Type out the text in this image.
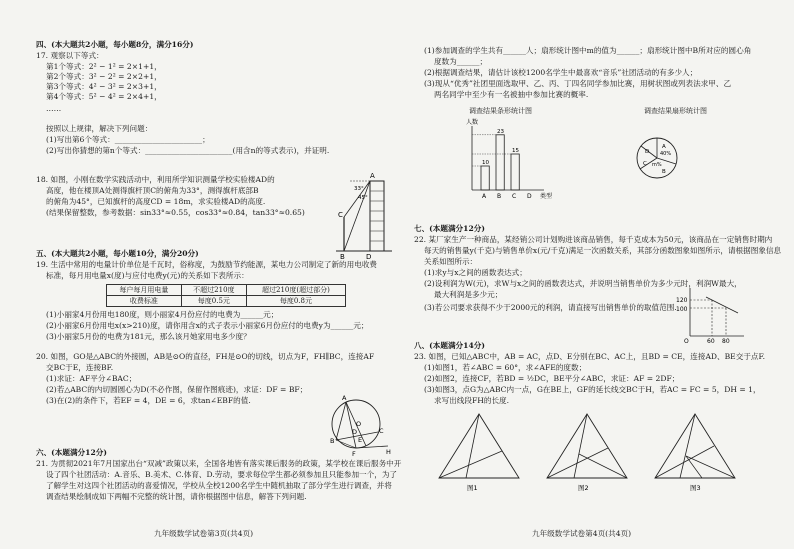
四、(本大题共2小题，每小题8分，满分16分)
17. 观察以下等式：
第1个等式：2² − 1² = 2×1+1，
第2个等式：3² − 2² = 2×2+1，
第3个等式：4² − 3² = 2×3+1，
第4个等式：5² − 4² = 2×4+1，
……
按照以上规律，解决下列问题：
(1)写出第6个等式：_______________________；
(2)写出你猜想的第n个等式：_______________________(用含n的等式表示)，并证明.
18. 如图，小刚在数学实践活动中，利用所学知识测量学校实验楼AD的
高度，他在楼顶A处测得旗杆顶C的俯角为33°，测得旗杆底部B
的俯角为45°，已知旗杆的高度CD = 18m，求实验楼AD的高度.
(结果保留整数，参考数据：sin33°≈0.55，cos33°≈0.84，tan33°≈0.65)
A
C
B	D
33°
45°
五、(本大题共2小题，每小题10分，满分20分)
19. 生活中常用的电量计价单位是千瓦时，俗称度，为鼓励节约能源，某电力公司制定了新的用电收费
标准，每月用电量x(度)与应付电费y(元)的关系如下表所示：
每户每月用电量	不超过210度	超过210度(超过部分)
收费标准	每度0.5元	每度0.8元
(1)小丽家4月份用电180度，则小丽家4月份应付的电费为______元；
(2)小丽家6月份用电x(x>210)度，请你用含x的式子表示小丽家6月份应付的电费y为______元；
(3)小丽家5月份的电费为181元，那么该月她家用电多少度？
20. 如图，GO是△ABC的外接圆，AB是⊙O的直径，FH是⊙O的切线，切点为F，FH∥BC，连接AF
交BC于E，连接BF.
(1)求证：AF平分∠BAC；
(2)若△ABC的内切圆圆心为D(不必作图，保留作图痕迹)，求证：DF = BF；
(3)在(2)的条件下，若EF = 4，DE = 6，求tan∠EBF的值.	A
B
C
O
D
E
F	H
六、(本题满分12分)
21. 为贯彻2021年7月国家出台“双减”政策以来，全国各地皆有落实课后服务的政策，某学校在课后服务中开
设了四个社团活动：A.音乐、B.美术、C.体育、D.劳动，要求每位学生都必须参加且只能参加一个，为了
了解学生对这四个社团活动的喜爱情况，学校从全校1200名学生中随机抽取了部分学生进行调查，并将
调查结果绘制成如下两幅不完整的统计图，请你根据图中信息，解答下列问题.
九年级数学试卷第3页(共4页)
(1)参加调查的学生共有______人；扇形统计图中m的值为______；扇形统计图中B所对应的圆心角
度数为______；
(2)根据调查结果，请估计该校1200名学生中最喜欢“音乐”社团活动的有多少人；
(3)现从“优秀”社团里面选取甲、乙、丙、丁四名同学参加比赛，用树状图或列表法求甲、乙
两名同学中至少有一名被抽中参加比赛的概率.
调查结果条形统计图	调查结果扇形统计图
人数
类型
10
A
23
B
15
C D
A
B
C
D 40%
m%
七、(本题满分12分)
22. 某厂家生产一种商品，某经销公司计划购进该商品销售，每千克成本为50元，该商品在一定销售时期内
每天的销售量y(千克)与销售单价x(元/千克)满足一次函数关系，其部分函数图象如图所示，请根据图象信息
关系如图所示：
(1)求y与x之间的函数表达式；
(2)设利润为W(元)，求W与x之间的函数表达式，并说明当销售单价为多少元时，利润W最大，
最大利润是多少元；
(3)若公司要求获得不少于2000元的利润，请直接写出销售单价的取值范围.
120
100
60 80
O
八、(本题满分14分)
23. 如图，已知△ABC中，AB = AC，点D、E分别在BC、AC上，且BD = CE，连接AD、BE交于点F.
(1)如图1，若∠ABC = 60°，求∠AFE的度数；
(2)如图2，连接CF，若BD = ½DC，BE平分∠ABC，求证：AF = 2DF；
(3)如图3，点G为△ABC内一点，G在BE上，GF的延长线交BC于H，若AC = FC = 5，DH = 1，
求写出线段FH的长度.
图1	图2	图3
九年级数学试卷第4页(共4页)
